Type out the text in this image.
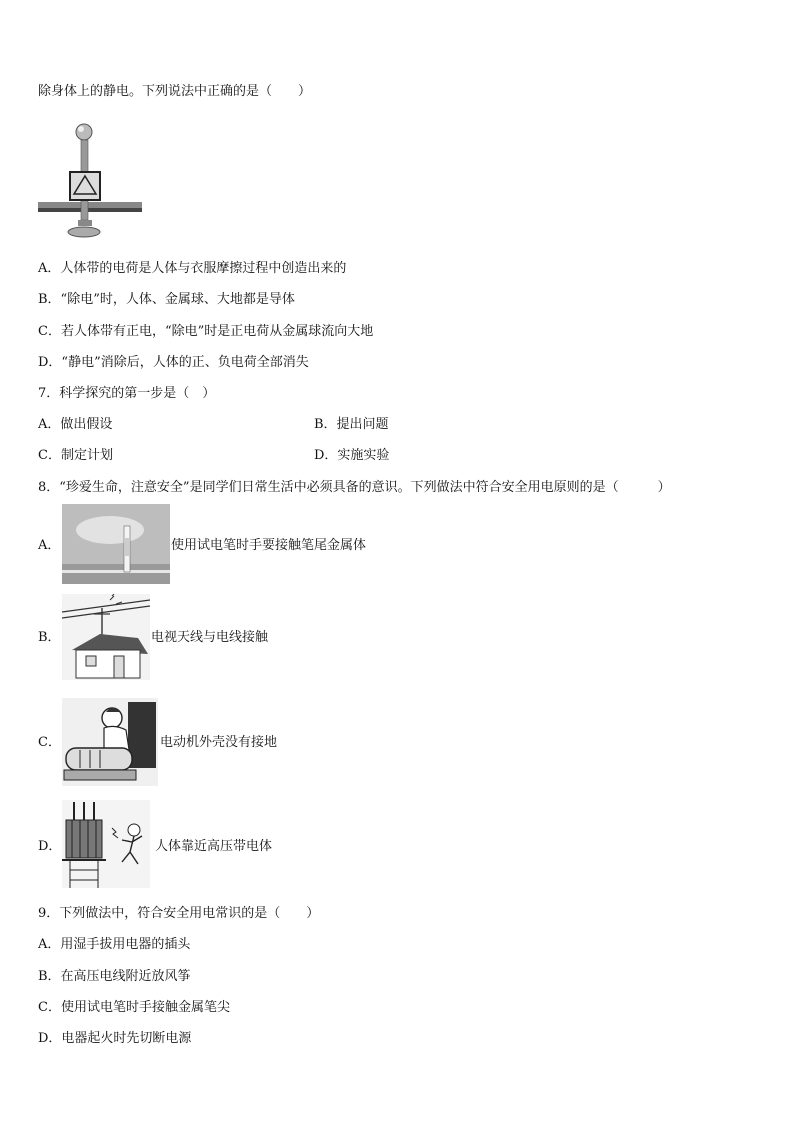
除身体上的静电。下列说法中正确的是（　　）
A．人体带的电荷是人体与衣服摩擦过程中创造出来的
B．“除电”时，人体、金属球、大地都是导体
C．若人体带有正电，“除电”时是正电荷从金属球流向大地
D．“静电”消除后，人体的正、负电荷全部消失
7．科学探究的第一步是（　）
A．做出假设	B．提出问题
C．制定计划	D．实施实验
8．“珍爱生命，注意安全”是同学们日常生活中必须具备的意识。下列做法中符合安全用电原则的是（　　　）
A．	使用试电笔时手要接触笔尾金属体
B．	电视天线与电线接触
C．	电动机外壳没有接地
D．	人体靠近高压带电体
9．下列做法中，符合安全用电常识的是（　　）
A．用湿手拔用电器的插头
B．在高压电线附近放风筝
C．使用试电笔时手接触金属笔尖
D．电器起火时先切断电源
